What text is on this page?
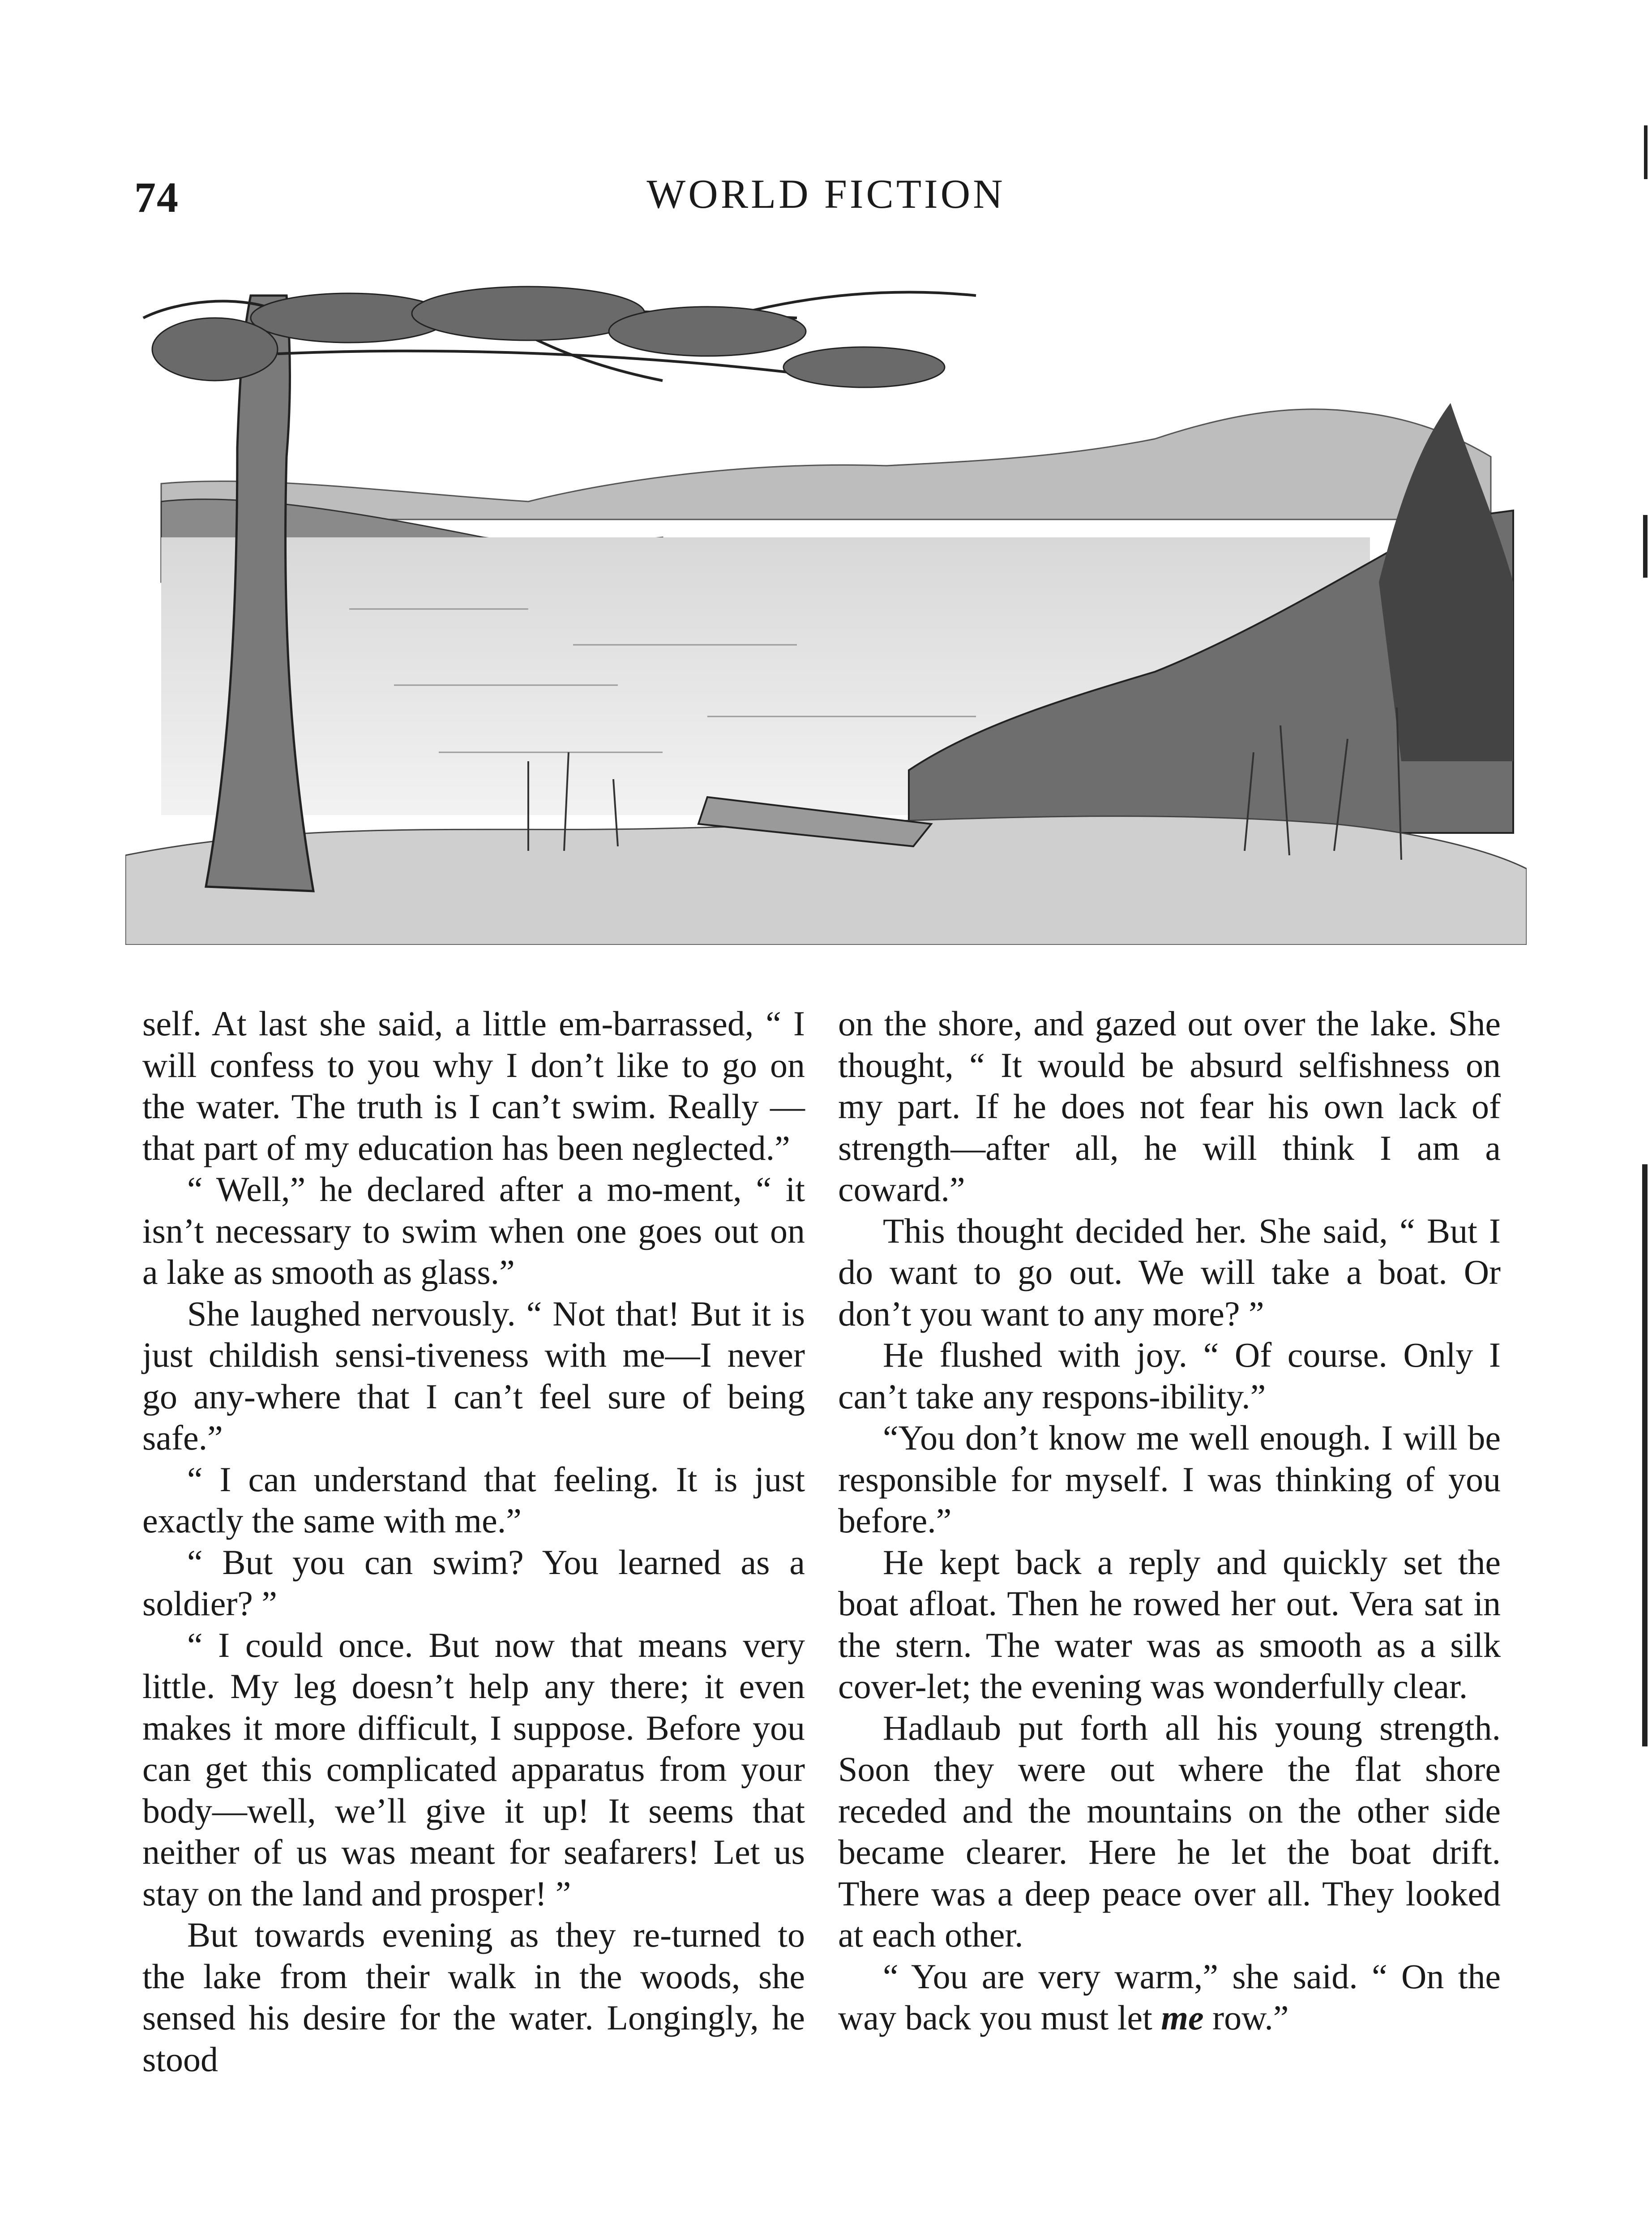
74	WORLD FICTION

self. At last she said, a little em-barrassed, “ I will confess to you why I don’t like to go on the water. The truth is I can’t swim. Really —that part of my education has been neglected.”

“ Well,” he declared after a mo-ment, “ it isn’t necessary to swim when one goes out on a lake as smooth as glass.”

She laughed nervously. “ Not that! But it is just childish sensi-tiveness with me—I never go any-where that I can’t feel sure of being safe.”

“ I can understand that feeling. It is just exactly the same with me.”

“ But you can swim? You learned as a soldier? ”

“ I could once. But now that means very little. My leg doesn’t help any there; it even makes it more difficult, I suppose. Before you can get this complicated apparatus from your body—well, we’ll give it up! It seems that neither of us was meant for seafarers! Let us stay on the land and prosper! ”

But towards evening as they re-turned to the lake from their walk in the woods, she sensed his desire for the water. Longingly, he stood

on the shore, and gazed out over the lake. She thought, “ It would be absurd selfishness on my part. If he does not fear his own lack of strength—after all, he will think I am a coward.”

This thought decided her. She said, “ But I do want to go out. We will take a boat. Or don’t you want to any more? ”

He flushed with joy. “ Of course. Only I can’t take any respons-ibility.”

“You don’t know me well enough. I will be responsible for myself. I was thinking of you before.”

He kept back a reply and quickly set the boat afloat. Then he rowed her out. Vera sat in the stern. The water was as smooth as a silk cover-let; the evening was wonderfully clear.

Hadlaub put forth all his young strength. Soon they were out where the flat shore receded and the mountains on the other side became clearer. Here he let the boat drift. There was a deep peace over all. They looked at each other.

“ You are very warm,” she said. “ On the way back you must let me row.”
